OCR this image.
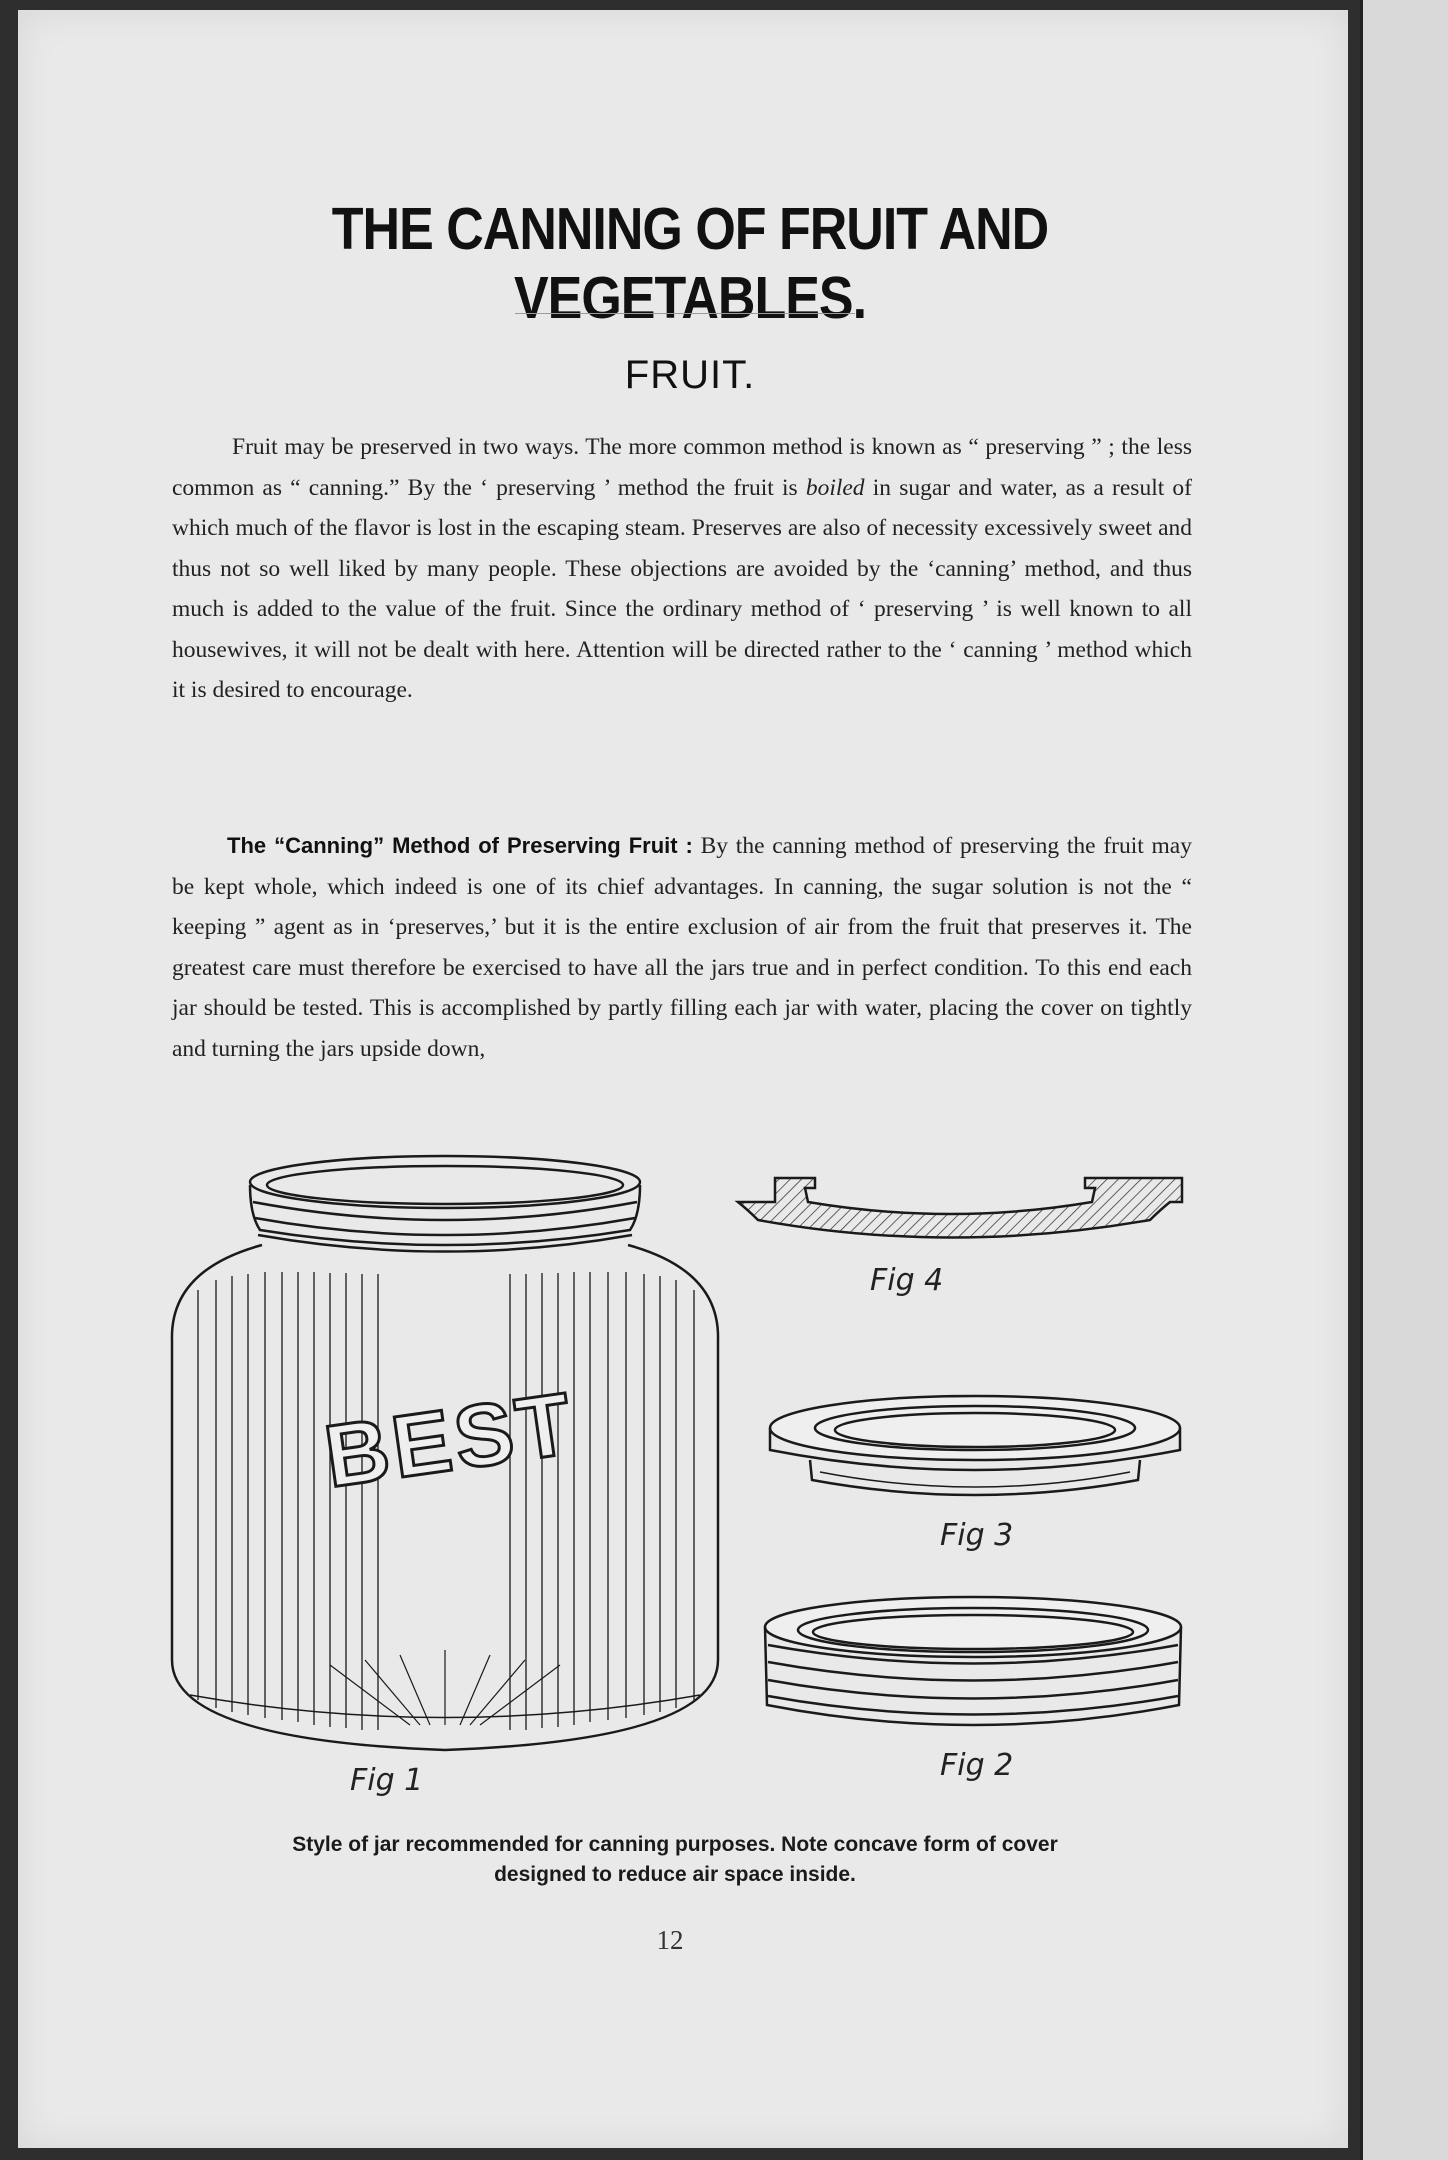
THE CANNING OF FRUIT AND VEGETABLES.
FRUIT.

Fruit may be preserved in two ways. The more common method is known as “ preserving ” ; the less common as “ canning.” By the ‘ preserving ’ method the fruit is boiled in sugar and water, as a result of which much of the flavor is lost in the escaping steam. Preserves are also of necessity excessively sweet and thus not so well liked by many people. These objections are avoided by the ‘canning’ method, and thus much is added to the value of the fruit. Since the ordinary method of ‘ preserving ’ is well known to all housewives, it will not be dealt with here. Attention will be directed rather to the ‘ canning ’ method which it is desired to encourage.

The “Canning” Method of Preserving Fruit : By the canning method of preserving the fruit may be kept whole, which indeed is one of its chief advantages. In canning, the sugar solution is not the “ keeping ” agent as in ‘preserves,’ but it is the entire exclusion of air from the fruit that preserves it. The greatest care must therefore be exercised to have all the jars true and in perfect condition. To this end each jar should be tested. This is accomplished by partly filling each jar with water, placing the cover on tightly and turning the jars upside down,

BEST
Fig 1
Fig 4
Fig 3
Fig 2
Style of jar recommended for canning purposes. Note concave form of cover
designed to reduce air space inside.
12
